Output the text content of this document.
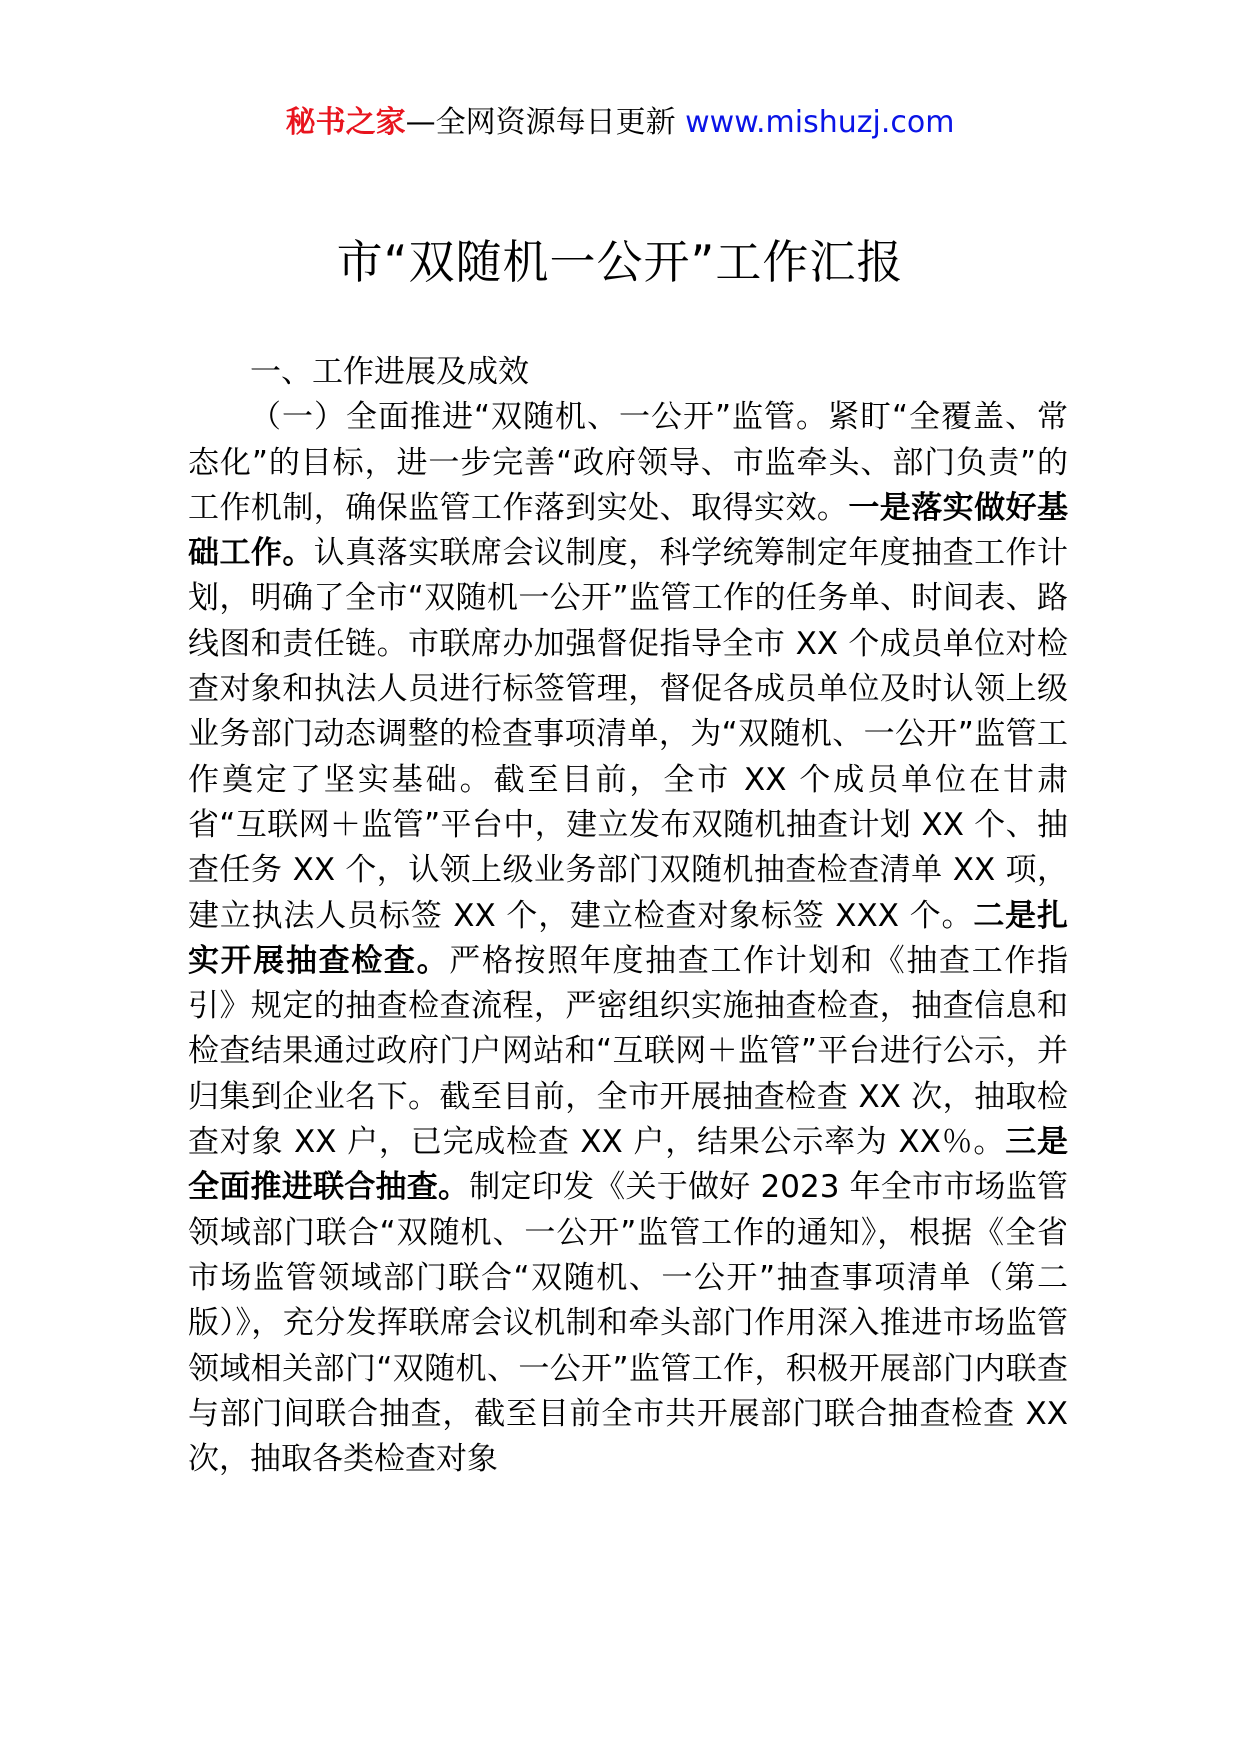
秘书之家—全网资源每日更新 www.mishuzj.com
市“双随机一公开”工作汇报

一、工作进展及成效

（一）全面推进“双随机、一公开”监管。紧盯“全覆盖、常态化”的目标，进一步完善“政府领导、市监牵头、部门负责”的工作机制，确保监管工作落到实处、取得实效。一是落实做好基础工作。认真落实联席会议制度，科学统筹制定年度抽查工作计划，明确了全市“双随机一公开”监管工作的任务单、时间表、路线图和责任链。市联席办加强督促指导全市 XX 个成员单位对检查对象和执法人员进行标签管理，督促各成员单位及时认领上级业务部门动态调整的检查事项清单，为“双随机、一公开”监管工作奠定了坚实基础。截至目前，全市 XX 个成员单位在甘肃省“互联网＋监管”平台中，建立发布双随机抽查计划 XX 个、抽查任务 XX 个，认领上级业务部门双随机抽查检查清单 XX 项，建立执法人员标签 XX 个，建立检查对象标签 XXX 个。二是扎实开展抽查检查。严格按照年度抽查工作计划和《抽查工作指引》规定的抽查检查流程，严密组织实施抽查检查，抽查信息和检查结果通过政府门户网站和“互联网＋监管”平台进行公示，并归集到企业名下。截至目前，全市开展抽查检查 XX 次，抽取检查对象 XX 户，已完成检查 XX 户，结果公示率为 XX％。三是全面推进联合抽查。制定印发《关于做好 2023 年全市市场监管领域部门联合“双随机、一公开”监管工作的通知》，根据《全省市场监管领域部门联合“双随机、一公开”抽查事项清单（第二版）》，充分发挥联席会议机制和牵头部门作用深入推进市场监管领域相关部门“双随机、一公开”监管工作，积极开展部门内联查与部门间联合抽查，截至目前全市共开展部门联合抽查检查 XX 次，抽取各类检查对象
